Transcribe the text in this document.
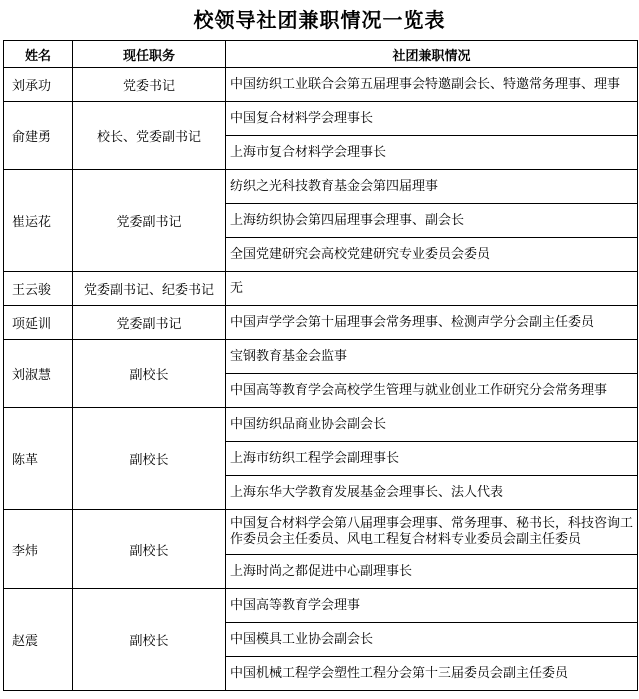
校领导社团兼职情况一览表
姓名	现任职务	社团兼职情况
刘承功	党委书记	中国纺织工业联合会第五届理事会特邀副会长、特邀常务理事、理事
俞建勇	校长、党委副书记	中国复合材料学会理事长
		上海市复合材料学会理事长
崔运花	党委副书记	纺织之光科技教育基金会第四届理事
		上海纺织协会第四届理事会理事、副会长
		全国党建研究会高校党建研究专业委员会委员
王云骏	党委副书记、纪委书记	无
项延训	党委副书记	中国声学学会第十届理事会常务理事、检测声学分会副主任委员
刘淑慧	副校长	宝钢教育基金会监事
		中国高等教育学会高校学生管理与就业创业工作研究分会常务理事
陈革	副校长	中国纺织品商业协会副会长
		上海市纺织工程学会副理事长
		上海东华大学教育发展基金会理事长、法人代表
李炜	副校长	中国复合材料学会第八届理事会理事、常务理事、秘书长，科技咨询工作委员会主任委员、风电工程复合材料专业委员会副主任委员
		上海时尚之都促进中心副理事长
赵震	副校长	中国高等教育学会理事
		中国模具工业协会副会长
		中国机械工程学会塑性工程分会第十三届委员会副主任委员
